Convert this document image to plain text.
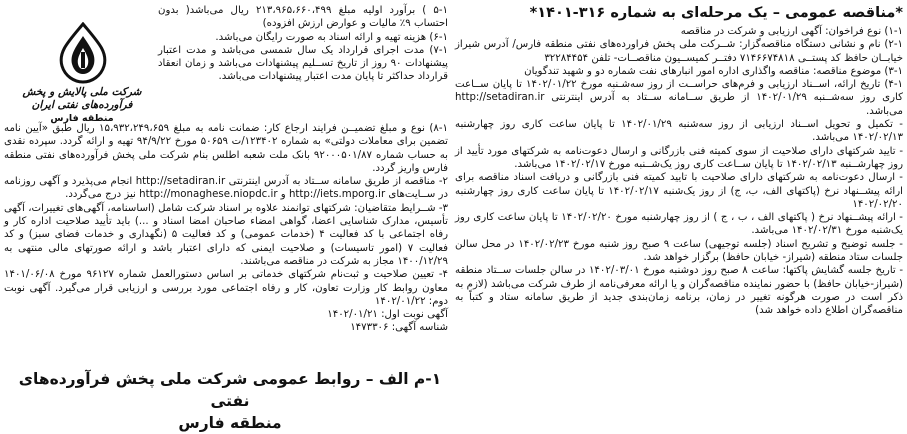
*مناقصه عمومی – یک مرحله‌ای به شماره ۳۱۶-۱۴۰۱*

۱-۱) نوع فراخوان: آگهی ارزیابی و شرکت در مناقصه

۲-۱) نام و نشانی دستگاه مناقصه‌گزار: شــرکت ملی پخش فراورده‌های نفتی منطقه فارس/ آدرس شیراز خیابــان حافظ کد پستــی ۷۱۴۶۶۷۴۸۱۸ دفتــر کمیســیون مناقصــات- تلفن ۳۲۲۸۴۴۵۴

۳-۱) موضوع مناقصه: مناقصه واگذاری اداره امور انبارهای نفت شماره دو و شهید تندگویان

۴-۱) تاریخ ارائه، اســناد ارزیابی و فرم‌های حراســت از روز سه‌شـنبه مورخ ۱۴۰۲/۰۱/۲۲ تا پایان ســاعت کاری روز سه‌شــنبه ۱۴۰۲/۰۱/۲۹ از طریق ســامانه ســتاد به آدرس اینترنتی http://setadiran.ir می‌باشد.

- تکمیل و تحویل اســناد ارزیابی از روز سه‌شنبه ۱۴۰۲/۰۱/۲۹ تا پایان ساعت کاری روز چهارشنبه ۱۴۰۲/۰۲/۱۳ می‌باشد.

- تایید شرکتهای دارای صلاحیت از سوی کمیته فنی بازرگانی و ارسال دعوت‌نامه به شرکتهای مورد تأیید از روز چهارشــنبه ۱۴۰۲/۰۲/۱۳ تا پایان ســاعت کاری روز یک‌شــنبه مورخ ۱۴۰۲/۰۲/۱۷ می‌باشد.

- ارسال دعوت‌نامه به شرکتهای دارای صلاحیت با تایید کمیته فنی بازرگانی و دریافت اسناد مناقصه برای ارائه پیشــنهاد نرخ (پاکتهای الف، ب، ج) از روز یک‌شنبه ۱۴۰۲/۰۲/۱۷ تا پایان ساعت کاری روز چهارشنبه ۱۴۰۲/۰۲/۲۰

- ارائه پیشــنهاد نرخ ( پاکتهای الف ، ب ، ج ) از روز چهارشنبه مورخ ۱۴۰۲/۰۲/۲۰ تا پایان ساعت کاری روز یک‌شنبه مورخ ۱۴۰۲/۰۲/۳۱ می‌باشد.

- جلسه توضیح و تشریح اسناد (جلسه توجیهی) ساعت ۹ صبح روز شنبه مورخ ۱۴۰۲/۰۲/۲۳ در محل سالن جلسات ستاد منطقه (شیراز- خیابان حافظ) برگزار خواهد شد.

- تاریخ جلسه گشایش پاکتها: ساعت ۸ صبح روز دوشنبه مورخ ۱۴۰۲/۰۳/۰۱ در سالن جلسات ســتاد منطقه (شیراز-خیابان حافظ) با حضور نماینده مناقصه‌گران و یا ارائه معرفی‌نامه از طرف شرکت می‌باشد (لازم به ذکر است در صورت هرگونه تغییر در زمان، برنامه زمان‌بندی جدید از طریق سامانه ستاد و کتباً به مناقصه‌گران اطلاع داده خواهد شد)

شرکت ملی پالایش و پخش فرآورده‌های نفتی ایران
منطقه فارس

۵-۱ ) برآورد اولیه مبلغ ۲۱۳،۹۶۵،۶۶۰،۴۹۹ ریال می‌باشد( بدون احتساب ۹٪ مالیات و عوارض ارزش افزوده)

۶-۱) هزینه تهیه و ارائه اسناد به صورت رایگان می‌باشد.

۷-۱) مدت اجرای قرارداد یک سال شمسی می‌باشد و مدت اعتبار پیشنهادات ۹۰ روز از تاریخ تســلیم پیشنهادات می‌باشد و زمان انعقاد قرارداد حداکثر تا پایان مدت اعتبار پیشنهادات می‌باشد.

۸-۱) نوع و مبلغ تضمیــن فرایند ارجاع کار: ضمانت نامه به مبلغ ۱۵،۹۳۲،۲۴۹،۶۵۹ ریال طبق «آیین نامه تضمین برای معاملات دولتی» به شماره ۱۲۳۴۰۲/ت ۵۰۶۵۹ مورخ ۹۴/۹/۲۲ تهیه و ارائه گردد. سپرده نقدی به حساب شماره ۹۲۰۰۰۵۰۱/۸۷ بانک ملت شعبه اطلس بنام شرکت ملی پخش فرآورده‌های نفتی منطقه فارس واریز گردد.

۲- مناقصه از طریق سامانه ســتاد به آدرس اینترنتی http://setadiran.ir انجام می‌پذیرد و آگهی روزنامه در ســایت‌های http://iets.mporg.ir و http://monaghese.niopdc.ir نیز درج می‌گردد.

۳- شــرایط متقاضیان: شرکتهای توانمند علاوه بر اسناد شرکت شامل (اساسنامه، آگهی‌های تغییرات، آگهی تأسیس، مدارک شناسایی اعضا، گواهی امضاء صاحبان امضا اسناد و ...) باید تأیید صلاحیت اداره کار و رفاه اجتماعی با کد فعالیت ۴ (خدمات عمومی) و کد فعالیت ۵ (نگهداری و خدمات فضای سبز) و کد فعالیت ۷ (امور تاسیسات) و صلاحیت ایمنی که دارای اعتبار باشد و ارائه صورتهای مالی منتهی به ۱۴۰۰/۱۲/۲۹ مجاز به شرکت در مناقصه می‌باشند.

۴- تعیین صلاحیت و ثبت‌نام شرکتهای خدماتی بر اساس دستورالعمل شماره ۹۶۱۲۷ مورخ ۱۴۰۱/۰۶/۰۸ معاون روابط کار وزارت تعاون، کار و رفاه اجتماعی مورد بررسی و ارزیابی قرار می‌گیرد. آگهی نوبت دوم: ۱۴۰۲/۰۱/۲۲

آگهی نوبت اول: ۱۴۰۲/۰۱/۲۱

شناسه آگهی: ۱۴۷۳۳۰۶

۱-م الف – روابط عمومی شرکت ملی پخش فرآورده‌های نفتی
منطقه فارس
